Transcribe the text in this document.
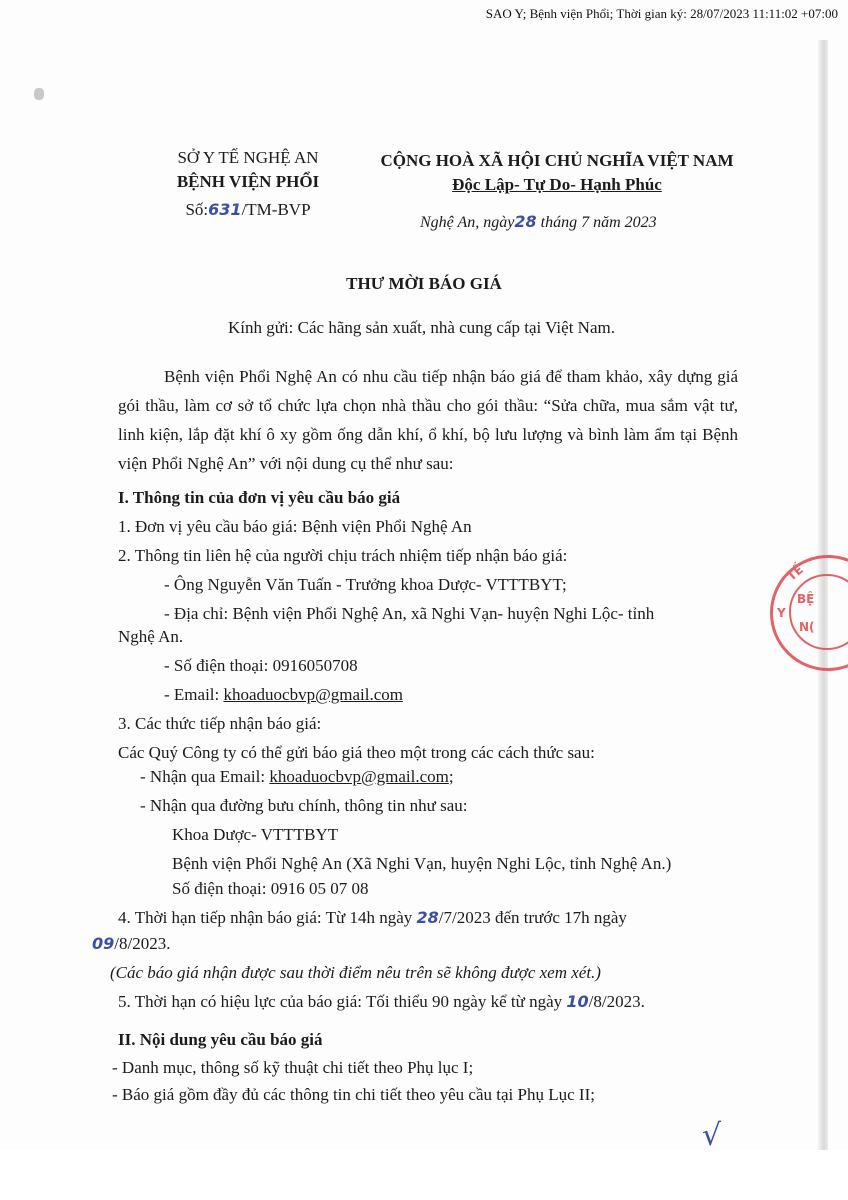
SAO Y; Bệnh viện Phổi; Thời gian ký: 28/07/2023 11:11:02 +07:00
SỞ Y TẾ NGHỆ AN
BỆNH VIỆN PHỔI
Số:631/TM-BVP
CỘNG HOÀ XÃ HỘI CHỦ NGHĨA VIỆT NAM
Độc Lập- Tự Do- Hạnh Phúc
Nghệ An, ngày28 tháng 7 năm 2023
THƯ MỜI BÁO GIÁ
Kính gửi: Các hãng sản xuất, nhà cung cấp tại Việt Nam.
Bệnh viện Phổi Nghệ An có nhu cầu tiếp nhận báo giá để tham khảo, xây dựng giá gói thầu, làm cơ sở tổ chức lựa chọn nhà thầu cho gói thầu: “Sửa chữa, mua sắm vật tư, linh kiện, lắp đặt khí ô xy gồm ống dẫn khí, ổ khí, bộ lưu lượng và bình làm ẩm tại Bệnh viện Phổi Nghệ An” với nội dung cụ thể như sau:
I. Thông tin của đơn vị yêu cầu báo giá
1. Đơn vị yêu cầu báo giá: Bệnh viện Phổi Nghệ An
2. Thông tin liên hệ của người chịu trách nhiệm tiếp nhận báo giá:
- Ông Nguyễn Văn Tuấn - Trưởng khoa Dược- VTTTBYT;
- Địa chỉ: Bệnh viện Phổi Nghệ An, xã Nghi Vạn- huyện Nghi Lộc- tỉnh
Nghệ An.
- Số điện thoại: 0916050708
- Email: khoaduocbvp@gmail.com
3. Các thức tiếp nhận báo giá:
Các Quý Công ty có thể gửi báo giá theo một trong các cách thức sau:
- Nhận qua Email: khoaduocbvp@gmail.com;
- Nhận qua đường bưu chính, thông tin như sau:
Khoa Dược- VTTTBYT
Bệnh viện Phổi Nghệ An (Xã Nghi Vạn, huyện Nghi Lộc, tỉnh Nghệ An.)
Số điện thoại: 0916 05 07 08
4. Thời hạn tiếp nhận báo giá: Từ 14h ngày 28/7/2023 đến trước 17h ngày
09/8/2023.
(Các báo giá nhận được sau thời điểm nêu trên sẽ không được xem xét.)
5. Thời hạn có hiệu lực của báo giá: Tối thiểu 90 ngày kể từ ngày 10/8/2023.
II. Nội dung yêu cầu báo giá
- Danh mục, thông số kỹ thuật chi tiết theo Phụ lục I;
- Báo giá gồm đầy đủ các thông tin chi tiết theo yêu cầu tại Phụ Lục II;
TẾ
BỆ
Y
N(
√
